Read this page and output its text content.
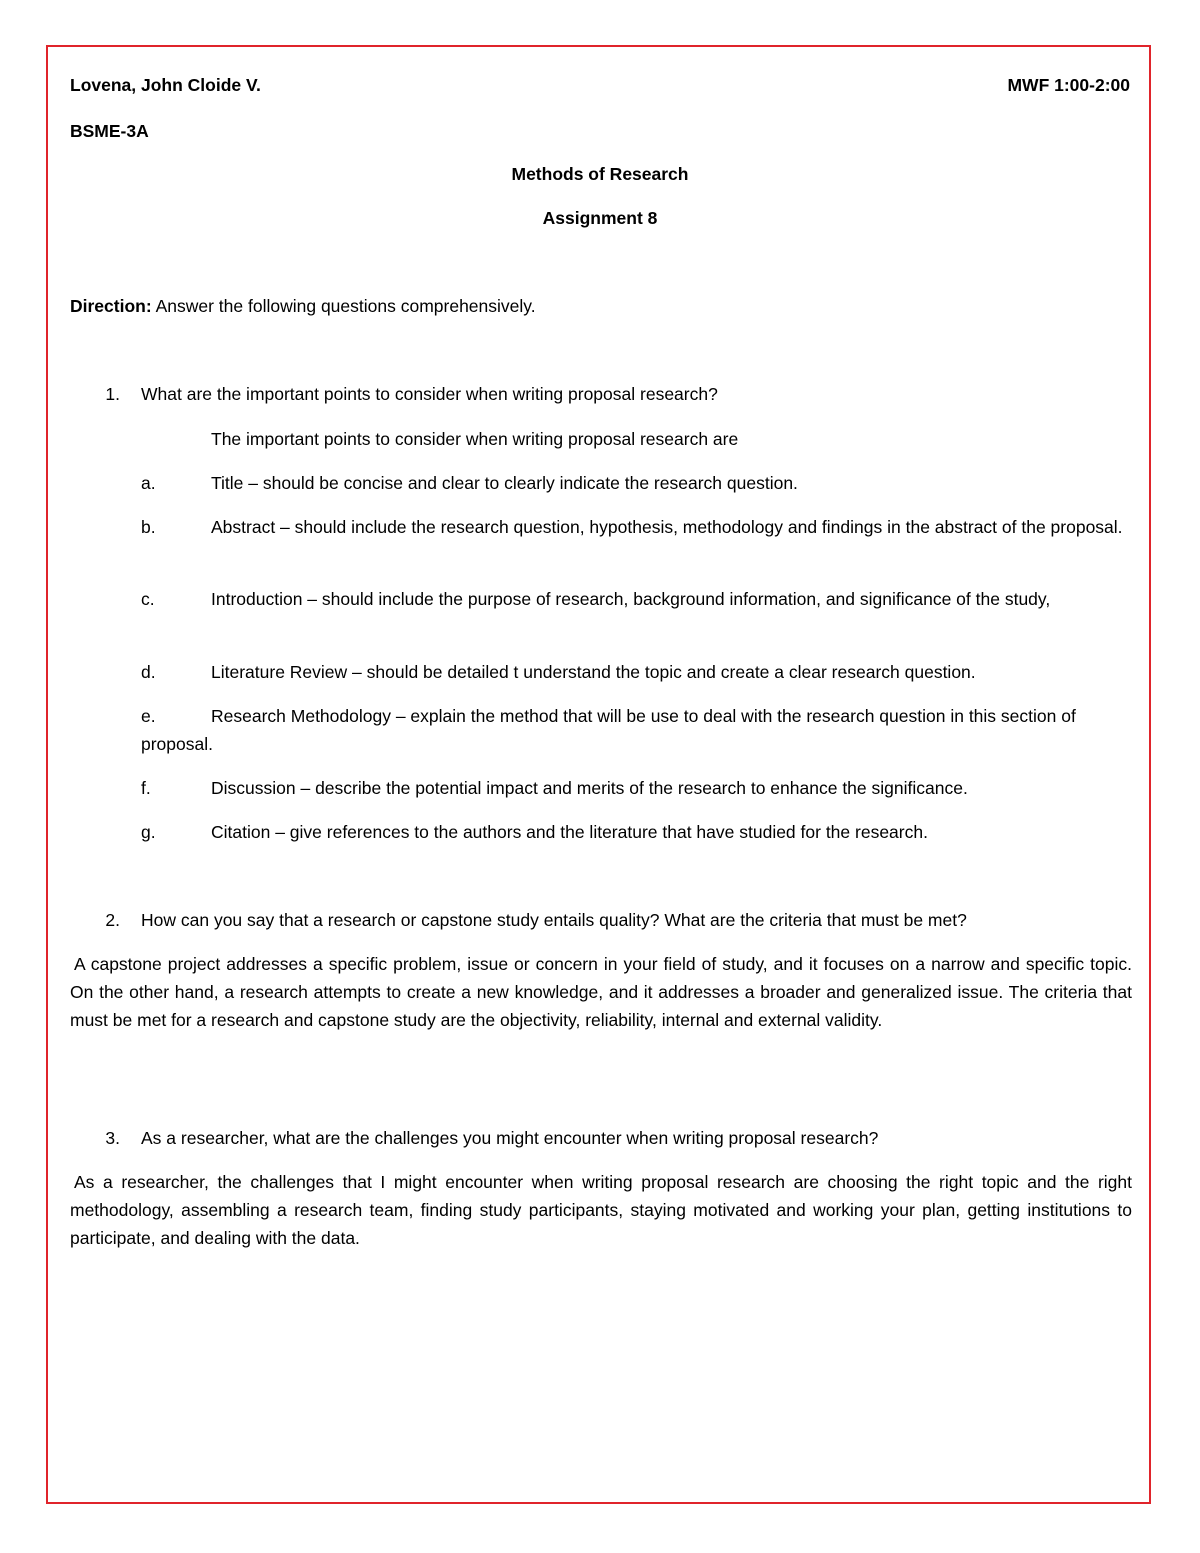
Lovena, John Cloide V.	MWF 1:00-2:00
BSME-3A
Methods of Research
Assignment 8
Direction: Answer the following questions comprehensively.
1. What are the important points to consider when writing proposal research?
The important points to consider when writing proposal research are
a.	Title – should be concise and clear to clearly indicate the research question.
b.	Abstract – should include the research question, hypothesis, methodology and findings in the abstract of the proposal.
c.	Introduction – should include the purpose of research, background information, and significance of the study,
d.	Literature Review – should be detailed t understand the topic and create a clear research question.
e.	Research Methodology – explain the method that will be use to deal with the research question in this section of proposal.
f.	Discussion – describe the potential impact and merits of the research to enhance the significance.
g.	Citation – give references to the authors and the literature that have studied for the research.
2. How can you say that a research or capstone study entails quality? What are the criteria that must be met?
A capstone project addresses a specific problem, issue or concern in your field of study, and it focuses on a narrow and specific topic. On the other hand, a research attempts to create a new knowledge, and it addresses a broader and generalized issue. The criteria that must be met for a research and capstone study are the objectivity, reliability, internal and external validity.
3. As a researcher, what are the challenges you might encounter when writing proposal research?
As a researcher, the challenges that I might encounter when writing proposal research are choosing the right topic and the right methodology, assembling a research team, finding study participants, staying motivated and working your plan, getting institutions to participate, and dealing with the data.
